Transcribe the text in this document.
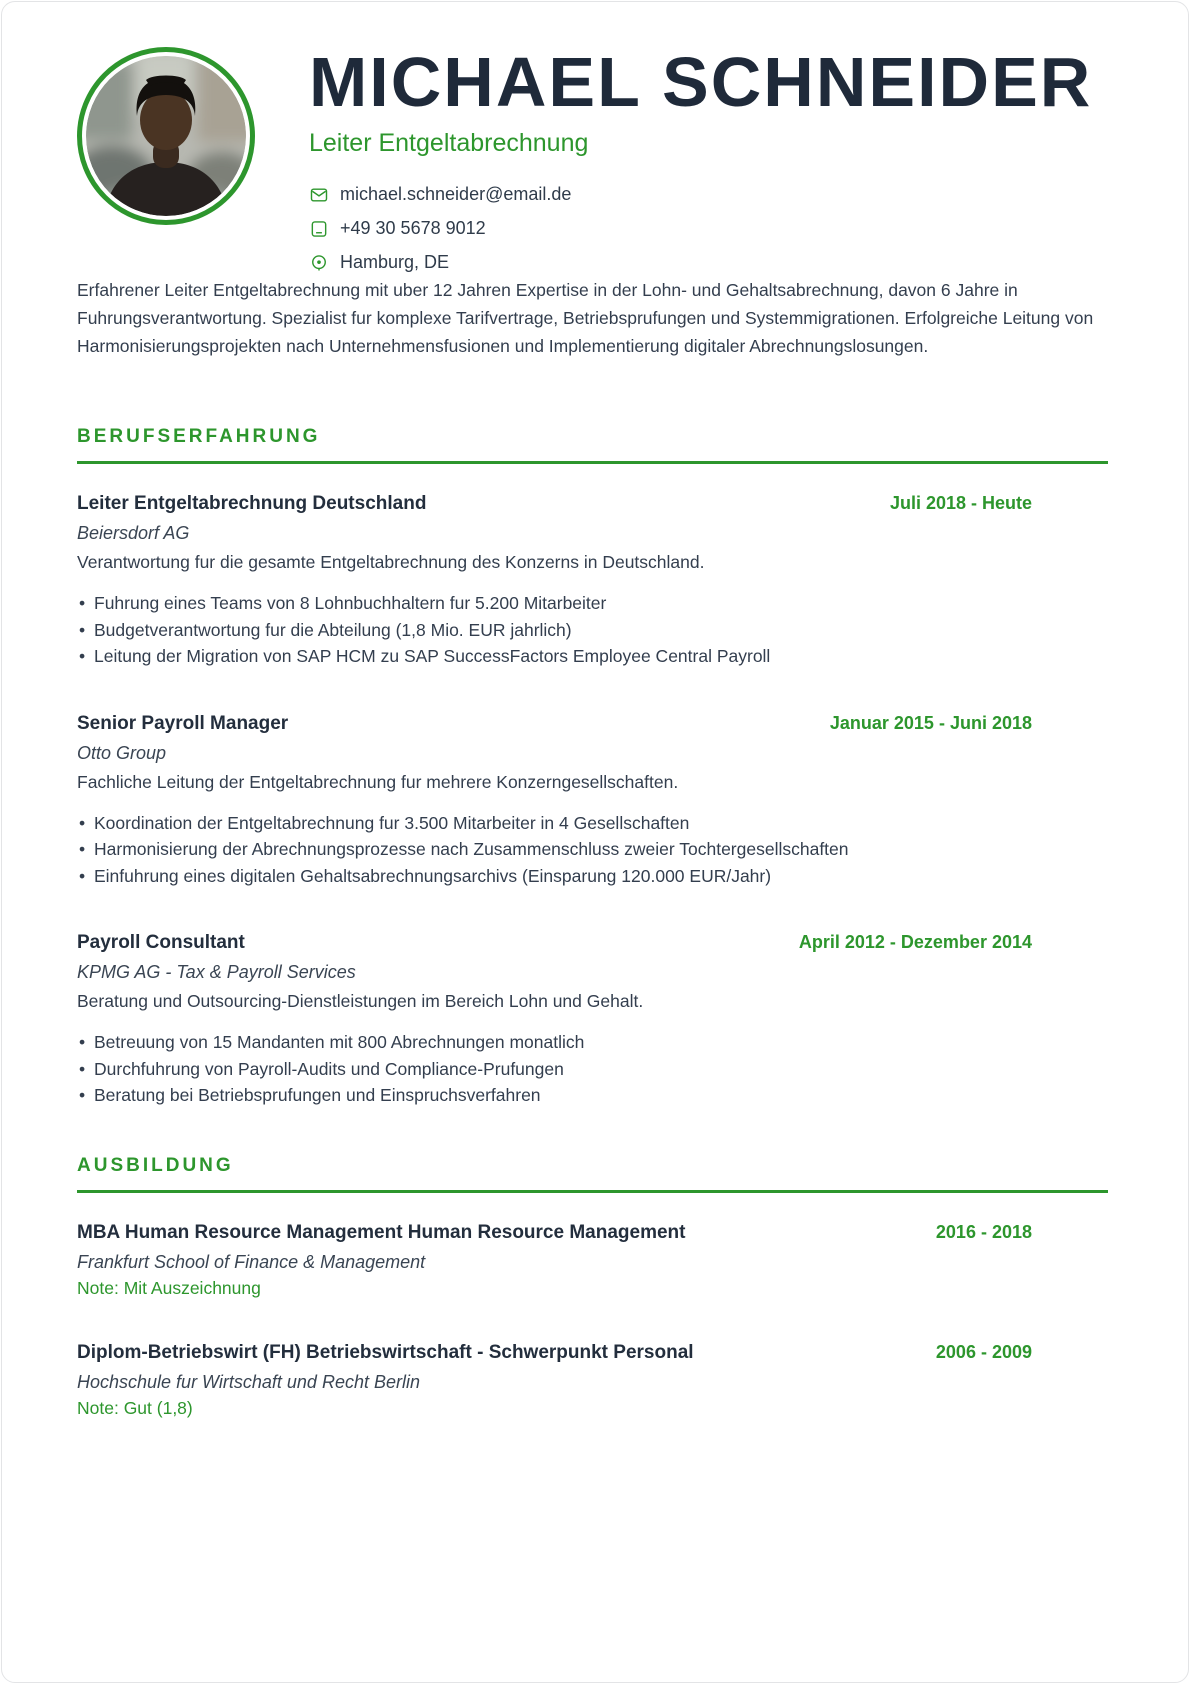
MICHAEL SCHNEIDER
Leiter Entgeltabrechnung
michael.schneider@email.de
+49 30 5678 9012
Hamburg, DE

Erfahrener Leiter Entgeltabrechnung mit uber 12 Jahren Expertise in der Lohn- und Gehaltsabrechnung, davon 6 Jahre in Fuhrungsverantwortung. Spezialist fur komplexe Tarifvertrage, Betriebsprufungen und Systemmigrationen. Erfolgreiche Leitung von Harmonisierungsprojekten nach Unternehmensfusionen und Implementierung digitaler Abrechnungslosungen.

BERUFSERFAHRUNG
Leiter Entgeltabrechnung Deutschland	Juli 2018 - Heute
Beiersdorf AG

Verantwortung fur die gesamte Entgeltabrechnung des Konzerns in Deutschland.

• Fuhrung eines Teams von 8 Lohnbuchhaltern fur 5.200 Mitarbeiter
• Budgetverantwortung fur die Abteilung (1,8 Mio. EUR jahrlich)
• Leitung der Migration von SAP HCM zu SAP SuccessFactors Employee Central Payroll
Senior Payroll Manager	Januar 2015 - Juni 2018
Otto Group

Fachliche Leitung der Entgeltabrechnung fur mehrere Konzerngesellschaften.

• Koordination der Entgeltabrechnung fur 3.500 Mitarbeiter in 4 Gesellschaften
• Harmonisierung der Abrechnungsprozesse nach Zusammenschluss zweier Tochtergesellschaften
• Einfuhrung eines digitalen Gehaltsabrechnungsarchivs (Einsparung 120.000 EUR/Jahr)
Payroll Consultant	April 2012 - Dezember 2014
KPMG AG - Tax & Payroll Services

Beratung und Outsourcing-Dienstleistungen im Bereich Lohn und Gehalt.

• Betreuung von 15 Mandanten mit 800 Abrechnungen monatlich
• Durchfuhrung von Payroll-Audits und Compliance-Prufungen
• Beratung bei Betriebsprufungen und Einspruchsverfahren
AUSBILDUNG
MBA Human Resource Management Human Resource Management	2016 - 2018
Frankfurt School of Finance & Management
Note: Mit Auszeichnung
Diplom-Betriebswirt (FH) Betriebswirtschaft - Schwerpunkt Personal	2006 - 2009
Hochschule fur Wirtschaft und Recht Berlin
Note: Gut (1,8)
